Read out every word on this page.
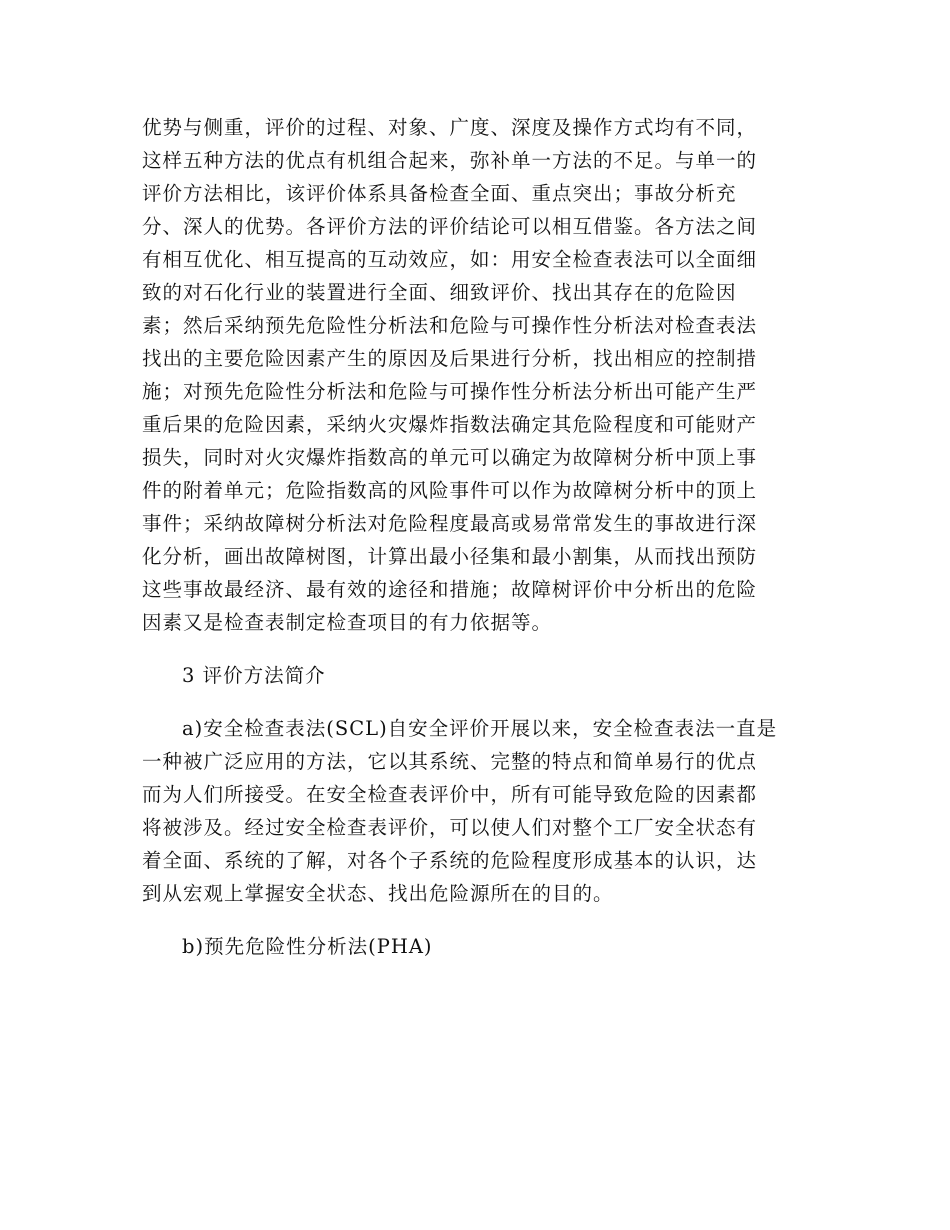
优势与侧重，评价的过程、对象、广度、深度及操作方式均有不同，

这样五种方法的优点有机组合起来，弥补单一方法的不足。与单一的

评价方法相比，该评价体系具备检查全面、重点突出；事故分析充

分、深人的优势。各评价方法的评价结论可以相互借鉴。各方法之间

有相互优化、相互提高的互动效应，如：用安全检查表法可以全面细

致的对石化行业的装置进行全面、细致评价、找出其存在的危险因

素；然后采纳预先危险性分析法和危险与可操作性分析法对检查表法

找出的主要危险因素产生的原因及后果进行分析，找出相应的控制措

施；对预先危险性分析法和危险与可操作性分析法分析出可能产生严

重后果的危险因素，采纳火灾爆炸指数法确定其危险程度和可能财产

损失，同时对火灾爆炸指数高的单元可以确定为故障树分析中顶上事

件的附着单元；危险指数高的风险事件可以作为故障树分析中的顶上

事件；采纳故障树分析法对危险程度最高或易常常发生的事故进行深

化分析，画出故障树图，计算出最小径集和最小割集，从而找出预防

这些事故最经济、最有效的途径和措施；故障树评价中分析出的危险

因素又是检查表制定检查项目的有力依据等。

3 评价方法简介

a)安全检查表法(SCL)自安全评价开展以来，安全检查表法一直是

一种被广泛应用的方法，它以其系统、完整的特点和简单易行的优点

而为人们所接受。在安全检查表评价中，所有可能导致危险的因素都

将被涉及。经过安全检查表评价，可以使人们对整个工厂安全状态有

着全面、系统的了解，对各个子系统的危险程度形成基本的认识，达

到从宏观上掌握安全状态、找出危险源所在的目的。

b)预先危险性分析法(PHA)
